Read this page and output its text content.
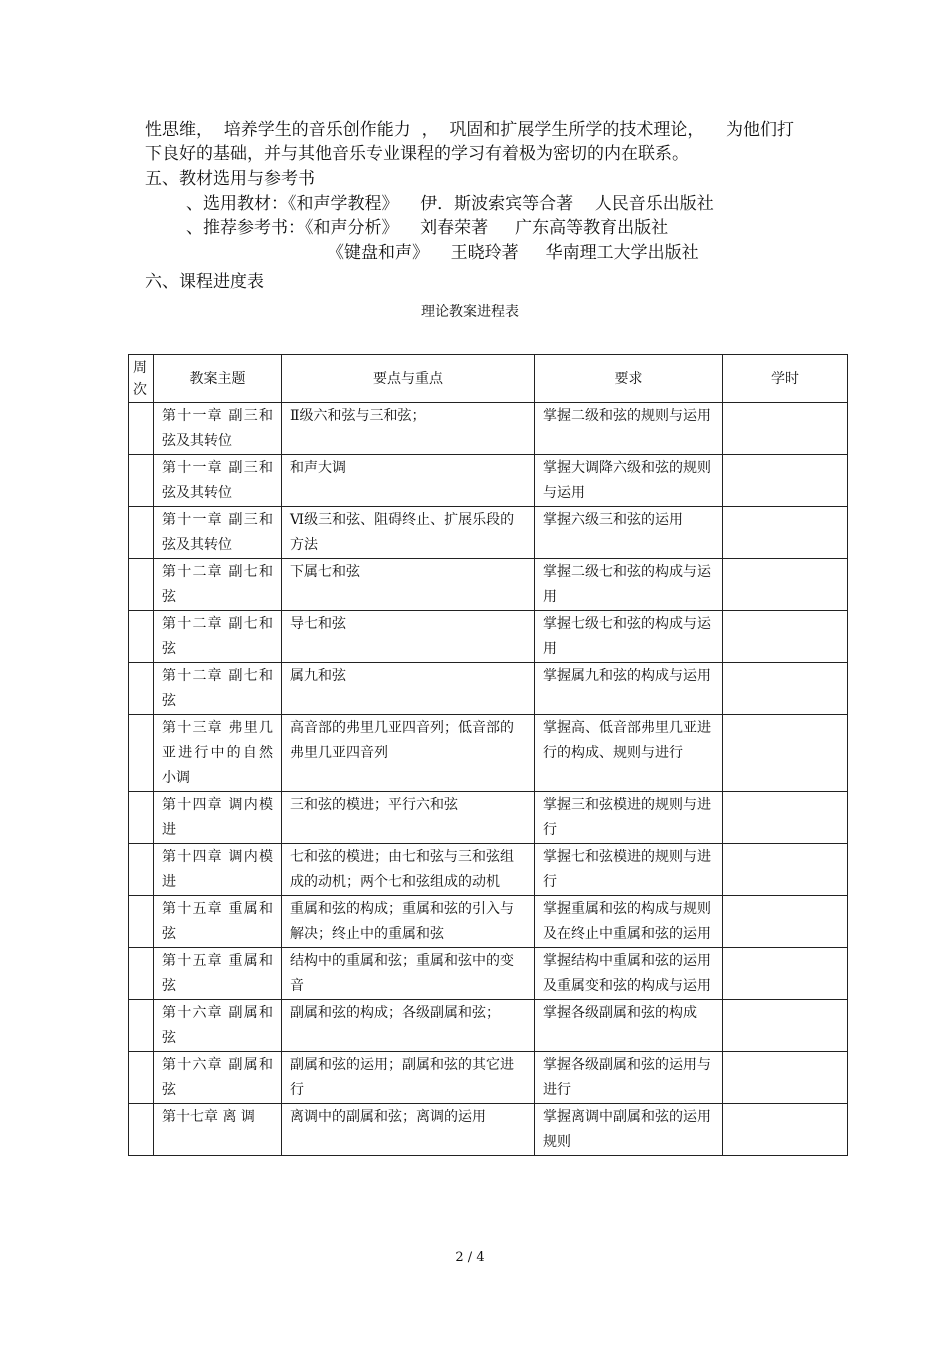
性思维，  培养学生的音乐创作能力  ，  巩固和扩展学生所学的技术理论，    为他们打
下良好的基础，并与其他音乐专业课程的学习有着极为密切的内在联系。
五、教材选用与参考书
、选用教材：《和声学教程》    伊．斯波索宾等合著    人民音乐出版社
、推荐参考书：《和声分析》    刘春荣著     广东高等教育出版社
《键盘和声》    王晓玲著     华南理工大学出版社
六、课程进度表
理论教案进程表
周次	教案主题	要点与重点	要求	学时
	第十一章 副三和弦及其转位	Ⅱ级六和弦与三和弦；	掌握二级和弦的规则与运用	
	第十一章 副三和弦及其转位	和声大调	掌握大调降六级和弦的规则与运用	
	第十一章 副三和弦及其转位	Ⅵ级三和弦、阻碍终止、扩展乐段的方法	掌握六级三和弦的运用	
	第十二章 副七和弦	下属七和弦	掌握二级七和弦的构成与运用	
	第十二章 副七和弦	导七和弦	掌握七级七和弦的构成与运用	
	第十二章 副七和弦	属九和弦	掌握属九和弦的构成与运用	
	第十三章 弗里几亚进行中的自然小调	高音部的弗里几亚四音列；低音部的弗里几亚四音列	掌握高、低音部弗里几亚进行的构成、规则与进行	
	第十四章 调内模进	三和弦的模进；平行六和弦	掌握三和弦模进的规则与进行	
	第十四章 调内模进	七和弦的模进；由七和弦与三和弦组成的动机；两个七和弦组成的动机	掌握七和弦模进的规则与进行	
	第十五章 重属和弦	重属和弦的构成；重属和弦的引入与解决；终止中的重属和弦	掌握重属和弦的构成与规则及在终止中重属和弦的运用	
	第十五章 重属和弦	结构中的重属和弦；重属和弦中的变音	掌握结构中重属和弦的运用及重属变和弦的构成与运用	
	第十六章 副属和弦	副属和弦的构成；各级副属和弦；	掌握各级副属和弦的构成	
	第十六章 副属和弦	副属和弦的运用；副属和弦的其它进行	掌握各级副属和弦的运用与进行	
	第十七章 离 调	离调中的副属和弦；离调的运用	掌握离调中副属和弦的运用规则	
2 / 4
